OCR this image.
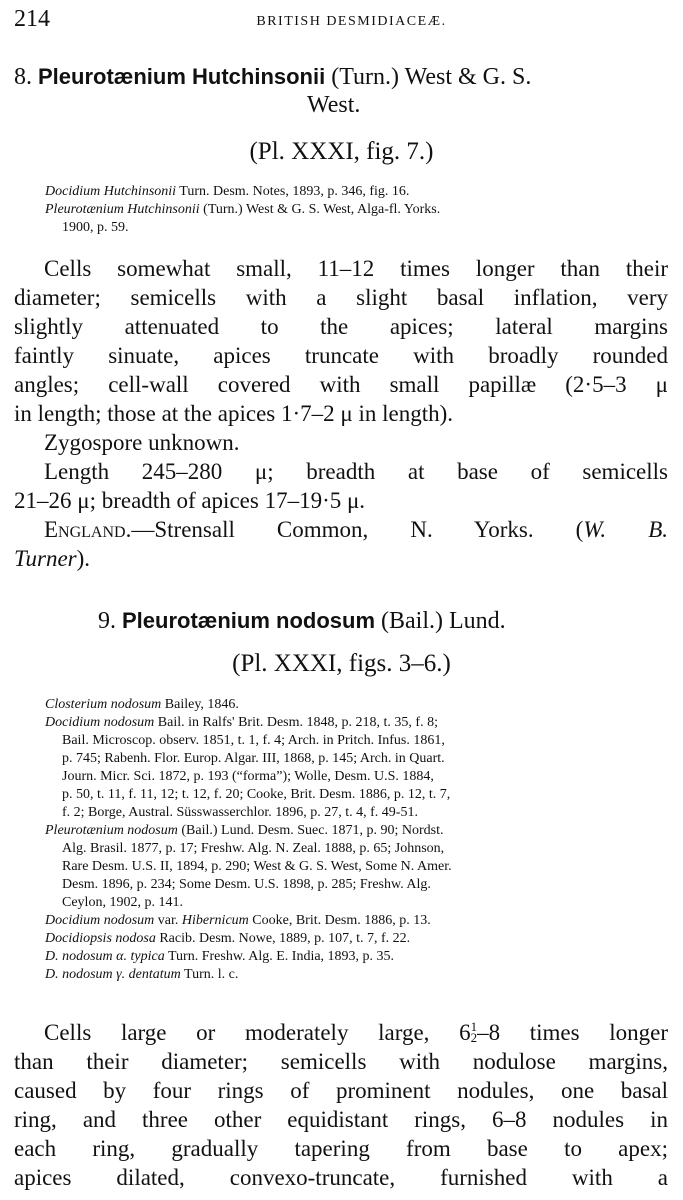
214	BRITISH DESMIDIACEÆ.
8. Pleurotænium Hutchinsonii (Turn.) West & G. S.
West.
(Pl. XXXI, fig. 7.)
Docidium Hutchinsonii Turn. Desm. Notes, 1893, p. 346, fig. 16.
Pleurotænium Hutchinsonii (Turn.) West & G. S. West, Alga-fl. Yorks.
1900, p. 59.
Cells somewhat small, 11–12 times longer than their
diameter; semicells with a slight basal inflation, very
slightly attenuated to the apices; lateral margins
faintly sinuate, apices truncate with broadly rounded
angles; cell-wall covered with small papillæ (2·5–3 μ
in length; those at the apices 1·7–2 μ in length).
Zygospore unknown.
Length 245–280 μ; breadth at base of semicells
21–26 μ; breadth of apices 17–19·5 μ.
England.—Strensall Common, N. Yorks. (W. B.
Turner).
9. Pleurotænium nodosum (Bail.) Lund.
(Pl. XXXI, figs. 3–6.)
Closterium nodosum Bailey, 1846.
Docidium nodosum Bail. in Ralfs' Brit. Desm. 1848, p. 218, t. 35, f. 8;
Bail. Microscop. observ. 1851, t. 1, f. 4; Arch. in Pritch. Infus. 1861,
p. 745; Rabenh. Flor. Europ. Algar. III, 1868, p. 145; Arch. in Quart.
Journ. Micr. Sci. 1872, p. 193 (“forma”); Wolle, Desm. U.S. 1884,
p. 50, t. 11, f. 11, 12; t. 12, f. 20; Cooke, Brit. Desm. 1886, p. 12, t. 7,
f. 2; Borge, Austral. Süsswasserchlor. 1896, p. 27, t. 4, f. 49-51.
Pleurotænium nodosum (Bail.) Lund. Desm. Suec. 1871, p. 90; Nordst.
Alg. Brasil. 1877, p. 17; Freshw. Alg. N. Zeal. 1888, p. 65; Johnson,
Rare Desm. U.S. II, 1894, p. 290; West & G. S. West, Some N. Amer.
Desm. 1896, p. 234; Some Desm. U.S. 1898, p. 285; Freshw. Alg.
Ceylon, 1902, p. 141.
Docidium nodosum var. Hibernicum Cooke, Brit. Desm. 1886, p. 13.
Docidiopsis nodosa Racib. Desm. Nowe, 1889, p. 107, t. 7, f. 22.
D. nodosum α. typica Turn. Freshw. Alg. E. India, 1893, p. 35.
D. nodosum γ. dentatum Turn. l. c.
Cells large or moderately large, 6 1
2 –8 times longer
than their diameter; semicells with nodulose margins,
caused by four rings of prominent nodules, one basal
ring, and three other equidistant rings, 6–8 nodules in
each ring, gradually tapering from base to apex;
apices dilated, convexo-truncate, furnished with a
